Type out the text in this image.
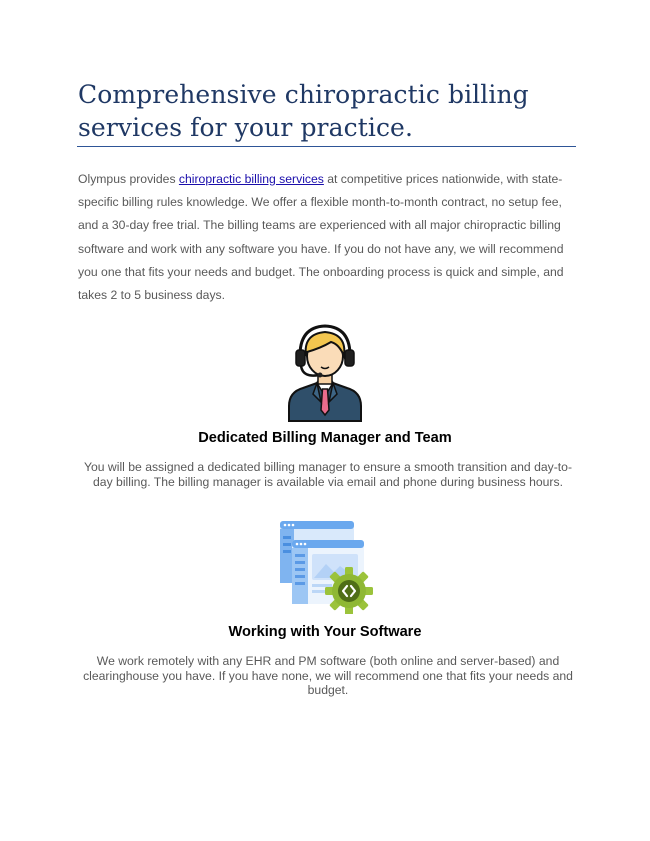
Comprehensive chiropractic billing services for your practice.

Olympus provides chiropractic billing services at competitive prices nationwide, with state-specific billing rules knowledge. We offer a flexible month-to-month contract, no setup fee, and a 30-day free trial. The billing teams are experienced with all major chiropractic billing software and work with any software you have. If you do not have any, we will recommend you one that fits your needs and budget. The onboarding process is quick and simple, and takes 2 to 5 business days.

Dedicated Billing Manager and Team

You will be assigned a dedicated billing manager to ensure a smooth transition and day-to-day billing. The billing manager is available via email and phone during business hours.

Working with Your Software

We work remotely with any EHR and PM software (both online and server-based) and clearinghouse you have. If you have none, we will recommend one that fits your needs and budget.
